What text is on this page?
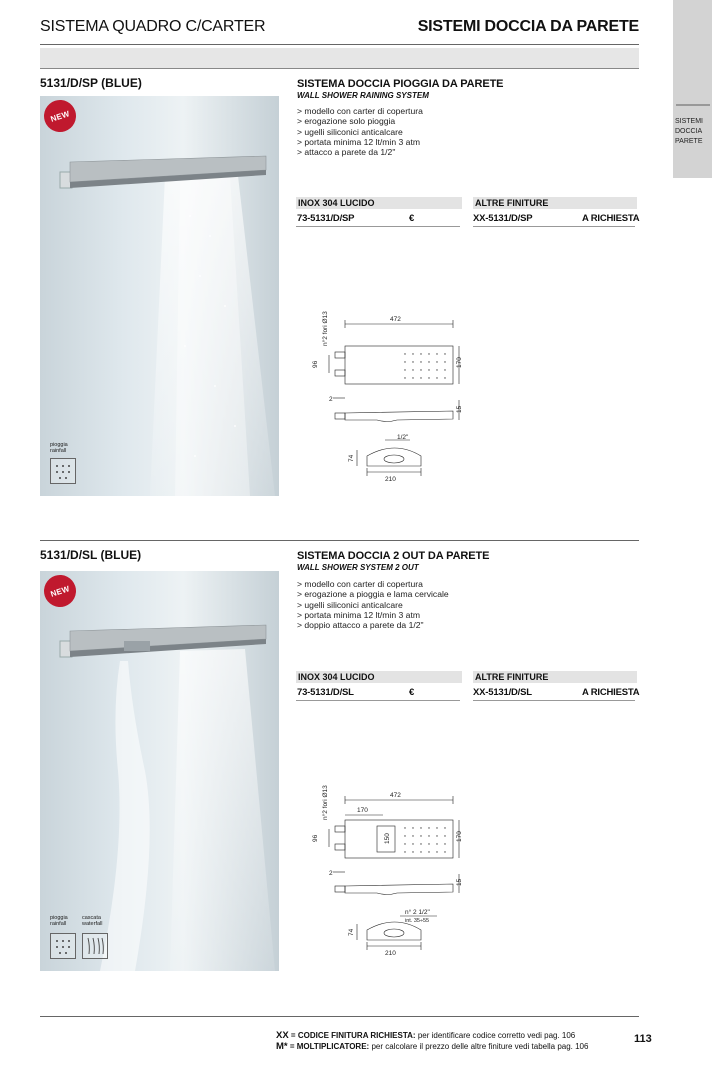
SISTEMA QUADRO C/CARTER	SISTEMI DOCCIA DA PARETE
SISTEMI
DOCCIA
PARETE
5131/D/SP (BLUE)
NEW
pioggia
rainfall
SISTEMA DOCCIA PIOGGIA DA PARETE
WALL SHOWER RAINING SYSTEM
> modello con carter di copertura
> erogazione solo pioggia
> ugelli siliconici anticalcare
> portata minima 12 lt/min 3 atm
> attacco a parete da 1/2"
INOX 304 LUCIDO	ALTRE FINITURE
73-5131/D/SP	€	XX-5131/D/SP	A RICHIESTA
472
170
96
n°2 fori Ø13
2
15
1/2"
210
74
5131/D/SL (BLUE)
NEW
pioggia
rainfall
cascata
waterfall
SISTEMA DOCCIA 2 OUT DA PARETE
WALL SHOWER SYSTEM 2 OUT
> modello con carter di copertura
> erogazione a pioggia e lama cervicale
> ugelli siliconici anticalcare
> portata minima 12 lt/min 3 atm
> doppio attacco a parete da 1/2"
INOX 304 LUCIDO	ALTRE FINITURE
73-5131/D/SL	€	XX-5131/D/SL	A RICHIESTA
472
170
150	170
96
n°2 fori Ø13
2
15
n° 2 1/2"
int. 35÷55
210
74
XX = CODICE FINITURA RICHIESTA: per identificare codice corretto vedi pag. 106
M* = MOLTIPLICATORE: per calcolare il prezzo delle altre finiture vedi tabella pag. 106
113
